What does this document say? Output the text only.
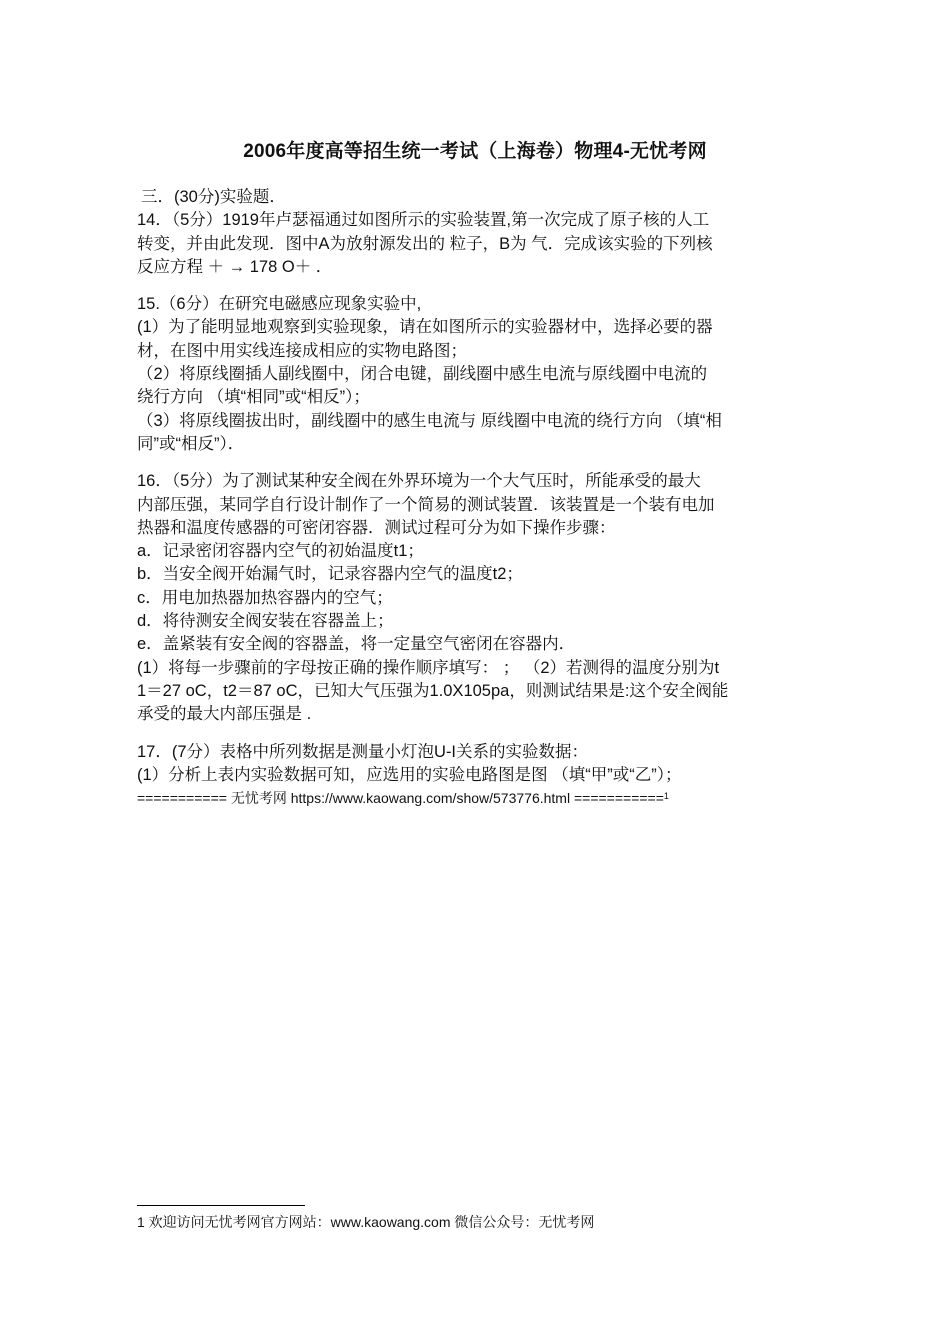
2006年度高等招生统一考试（上海卷）物理4-无忧考网

三．(30分)实验题．

14．（5分）1919年卢瑟福通过如图所示的实验装置,第一次完成了原子核的人工

转变，并由此发现．图中A为放射源发出的 粒子，B为 气．完成该实验的下列核

反应方程 ＋ → 178 O＋ ．

15.（6分）在研究电磁感应现象实验中,

(1）为了能明显地观察到实验现象，请在如图所示的实验器材中，选择必要的器

材，在图中用实线连接成相应的实物电路图；

（2）将原线圈插人副线圈中，闭合电键，副线圈中感生电流与原线圈中电流的

绕行方向 （填“相同”或“相反”）；

（3）将原线圈拔出时，副线圈中的感生电流与 原线圈中电流的绕行方向 （填“相

同”或“相反”）．

16．（5分）为了测试某种安全阀在外界环境为一个大气压时，所能承受的最大

内部压强，某同学自行设计制作了一个简易的测试装置．该装置是一个装有电加

热器和温度传感器的可密闭容器．测试过程可分为如下操作步骤：

a．记录密闭容器内空气的初始温度t1；

b．当安全阀开始漏气时，记录容器内空气的温度t2；

c．用电加热器加热容器内的空气；

d．将待测安全阀安装在容器盖上；

e．盖紧装有安全阀的容器盖，将一定量空气密闭在容器内．

(1）将每一步骤前的字母按正确的操作顺序填写： ； （2）若测得的温度分别为t

1＝27 oC，t2＝87 oC，已知大气压强为1.0X105pa，则测试结果是:这个安全阀能

承受的最大内部压强是 .

17．(7分）表格中所列数据是测量小灯泡U-I关系的实验数据：

(1）分析上表内实验数据可知，应选用的实验电路图是图 （填“甲”或“乙”）；

=========== 无忧考网 https://www.kaowang.com/show/573776.html ===========$^1$

1 欢迎访问无忧考网官方网站：www.kaowang.com 微信公众号：无忧考网
